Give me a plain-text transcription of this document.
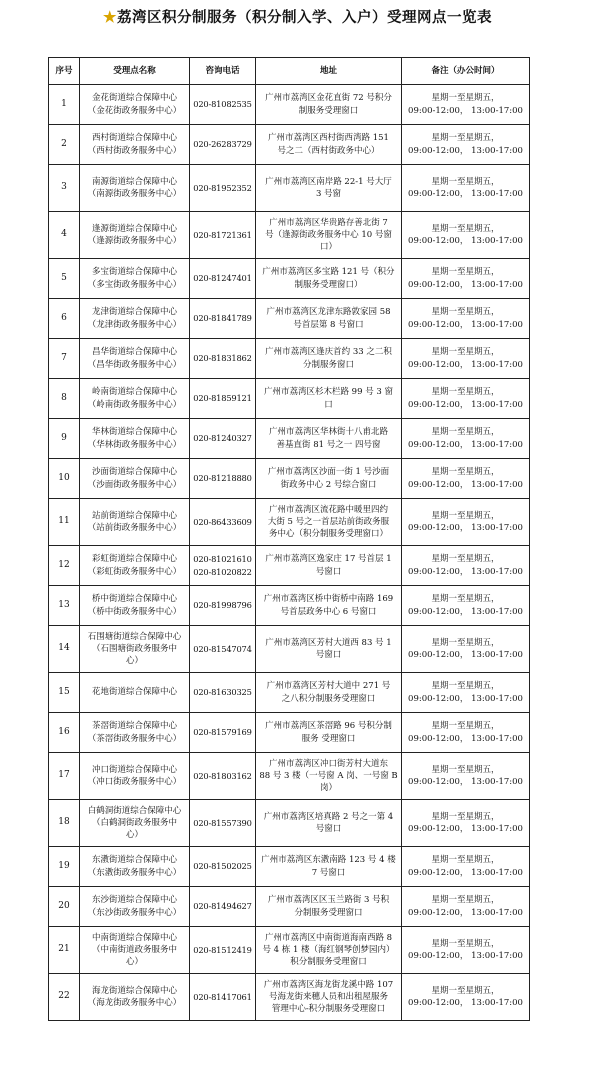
★荔湾区积分制服务（积分制入学、入户）受理网点一览表
序号	受理点名称	咨询电话	地址	备注（办公时间）
1	金花街道综合保障中心
（金花街政务服务中心）	020-81082535	广州市荔湾区金花直街 72 号积分
制服务受理窗口	星期一至星期五，
09:00-12:00， 13:00-17:00

2	西村街道综合保障中心
（西村街政务服务中心）	020-26283729	广州市荔湾区西村街西湾路 151
号之二（西村街政务中心）	星期一至星期五，
09:00-12:00， 13:00-17:00

3	南源街道综合保障中心
（南源街政务服务中心）	020-81952352	广州市荔湾区南岸路 22-1 号大厅
3 号窗	星期一至星期五，
09:00-12:00， 13:00-17:00

4	逢源街道综合保障中心
（逢源街政务服务中心）	020-81721361	广州市荔湾区华贵路存善北街 7
号（逢源街政务服务中心 10 号窗
口）	星期一至星期五，
09:00-12:00， 13:00-17:00

5	多宝街道综合保障中心
（多宝街政务服务中心）	020-81247401	广州市荔湾区多宝路 121 号（积分
制服务受理窗口）	星期一至星期五，
09:00-12:00， 13:00-17:00

6	龙津街道综合保障中心
（龙津街政务服务中心）	020-81841789	广州市荔湾区龙津东路敦家园 58
号首层第 8 号窗口	星期一至星期五，
09:00-12:00， 13:00-17:00

7	昌华街道综合保障中心
（昌华街政务服务中心）	020-81831862	广州市荔湾区逢庆首约 33 之二积
分制服务窗口	星期一至星期五，
09:00-12:00， 13:00-17:00

8	岭南街道综合保障中心
（岭南街政务服务中心）	020-81859121	广州市荔湾区杉木栏路 99 号 3 窗
口	星期一至星期五，
09:00-12:00， 13:00-17:00

9	华林街道综合保障中心
（华林街政务服务中心）	020-81240327	广州市荔湾区华林街十八甫北路
善基直街 81 号之一 四号窗	星期一至星期五，
09:00-12:00， 13:00-17:00

10	沙面街道综合保障中心
（沙面街政务服务中心）	020-81218880	广州市荔湾区沙面一街 1 号沙面
街政务中心 2 号综合窗口	星期一至星期五，
09:00-12:00， 13:00-17:00

11	站前街道综合保障中心
（站前街政务服务中心）	020-86433609	广州市荔湾区流花路中暖里四约
大街 5 号之一首层站前街政务服
务中心（积分制服务受理窗口）	星期一至星期五，
09:00-12:00， 13:00-17:00

12	彩虹街道综合保障中心
（彩虹街政务服务中心）	020-81021610
020-81020822	广州市荔湾区逸家庄 17 号首层 1
号窗口	星期一至星期五，
09:00-12:00， 13:00-17:00

13	桥中街道综合保障中心
（桥中街政务服务中心）	020-81998796	广州市荔湾区桥中街桥中南路 169
号首层政务中心 6 号窗口	星期一至星期五，
09:00-12:00， 13:00-17:00

14	石围塘街道综合保障中心
（石围塘街政务服务中
心）	020-81547074	广州市荔湾区芳村大道西 83 号 1
号窗口	星期一至星期五，
09:00-12:00， 13:00-17:00

15	花地街道综合保障中心	020-81630325	广州市荔湾区芳村大道中 271 号
之八积分制服务受理窗口	星期一至星期五，
09:00-12:00， 13:00-17:00

16	茶滘街道综合保障中心
（茶滘街政务服务中心）	020-81579169	广州市荔湾区茶滘路 96 号积分制
服务 受理窗口	星期一至星期五，
09:00-12:00， 13:00-17:00

17	冲口街道综合保障中心
（冲口街政务服务中心）	020-81803162	广州市荔湾区冲口街芳村大道东
88 号 3 楼（一号窗 A 岗、一号窗 B
岗）	星期一至星期五，
09:00-12:00， 13:00-17:00

18	白鹤洞街道综合保障中心
（白鹤洞街政务服务中
心）	020-81557390	广州市荔湾区培真路 2 号之一第 4
号窗口	星期一至星期五，
09:00-12:00， 13:00-17:00

19	东漖街道综合保障中心
（东漖街政务服务中心）	020-81502025	广州市荔湾区东漖南路 123 号 4 楼
7 号窗口	星期一至星期五，
09:00-12:00， 13:00-17:00

20	东沙街道综合保障中心
（东沙街政务服务中心）	020-81494627	广州市荔湾区区玉兰路街 3 号积
分制服务受理窗口	星期一至星期五，
09:00-12:00， 13:00-17:00

21	中南街道综合保障中心
（中南街道政务服务中
心）	020-81512419	广州市荔湾区中南街道海南西路 8
号 4 栋 1 楼（海红钢琴创梦园内）
积分制服务受理窗口	星期一至星期五，
09:00-12:00， 13:00-17:00

22	海龙街道综合保障中心
（海龙街政务服务中心）	020-81417061	广州市荔湾区海龙街龙溪中路 107
号海龙街来穗人员和出租屋服务
管理中心-积分制服务受理窗口	星期一至星期五，
09:00-12:00， 13:00-17:00
